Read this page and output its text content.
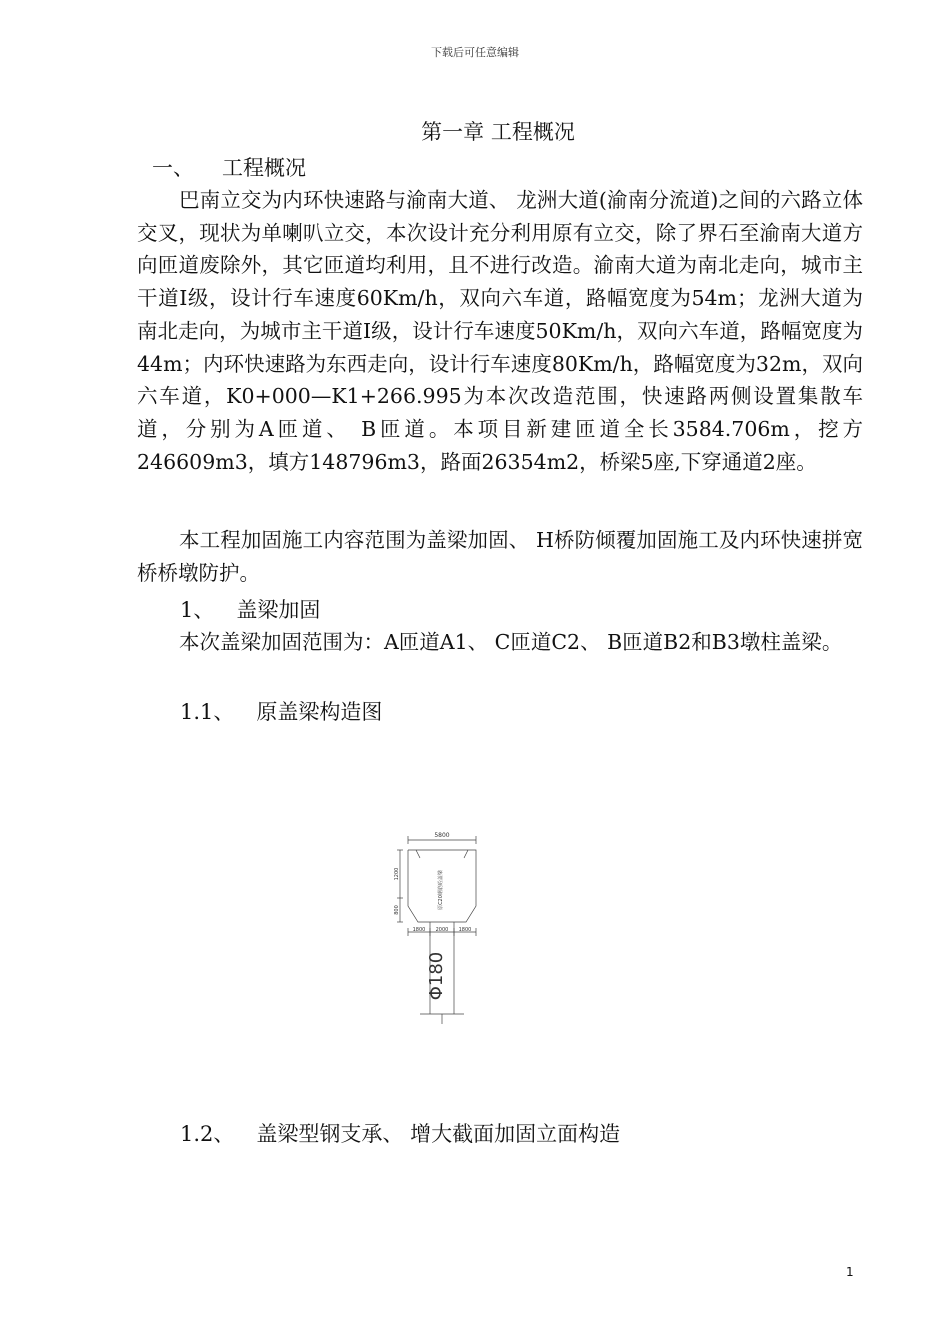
下载后可任意编辑
第一章 工程概况
一、 工程概况

巴南立交为内环快速路与渝南大道、 龙洲大道(渝南分流道)之间的六路立体交叉，现状为单喇叭立交，本次设计充分利用原有立交，除了界石至渝南大道方向匝道废除外，其它匝道均利用，且不进行改造。渝南大道为南北走向，城市主干道Ⅰ级，设计行车速度60Km/h，双向六车道，路幅宽度为54m；龙洲大道为南北走向，为城市主干道Ⅰ级，设计行车速度50Km/h，双向六车道，路幅宽度为44m；内环快速路为东西走向，设计行车速度80Km/h，路幅宽度为32m，双向六车道，K0+000—K1+266.995为本次改造范围，快速路两侧设置集散车道，分别为A匝道、 B匝道。本项目新建匝道全长3584.706m，挖方246609m3，填方148796m3，路面26354m2，桥梁5座,下穿通道2座。

本工程加固施工内容范围为盖梁加固、 H桥防倾覆加固施工及内环快速拼宽桥桥墩防护。

1、 盖梁加固

本次盖梁加固范围为：A匝道A1、 C匝道C2、 B匝道B2和B3墩柱盖梁。

1.1、 原盖梁构造图
5800
1200
800
1800 2000 1800
原C20钢筋砼盖梁
Φ180
1.2、 盖梁型钢支承、 增大截面加固立面构造
1
